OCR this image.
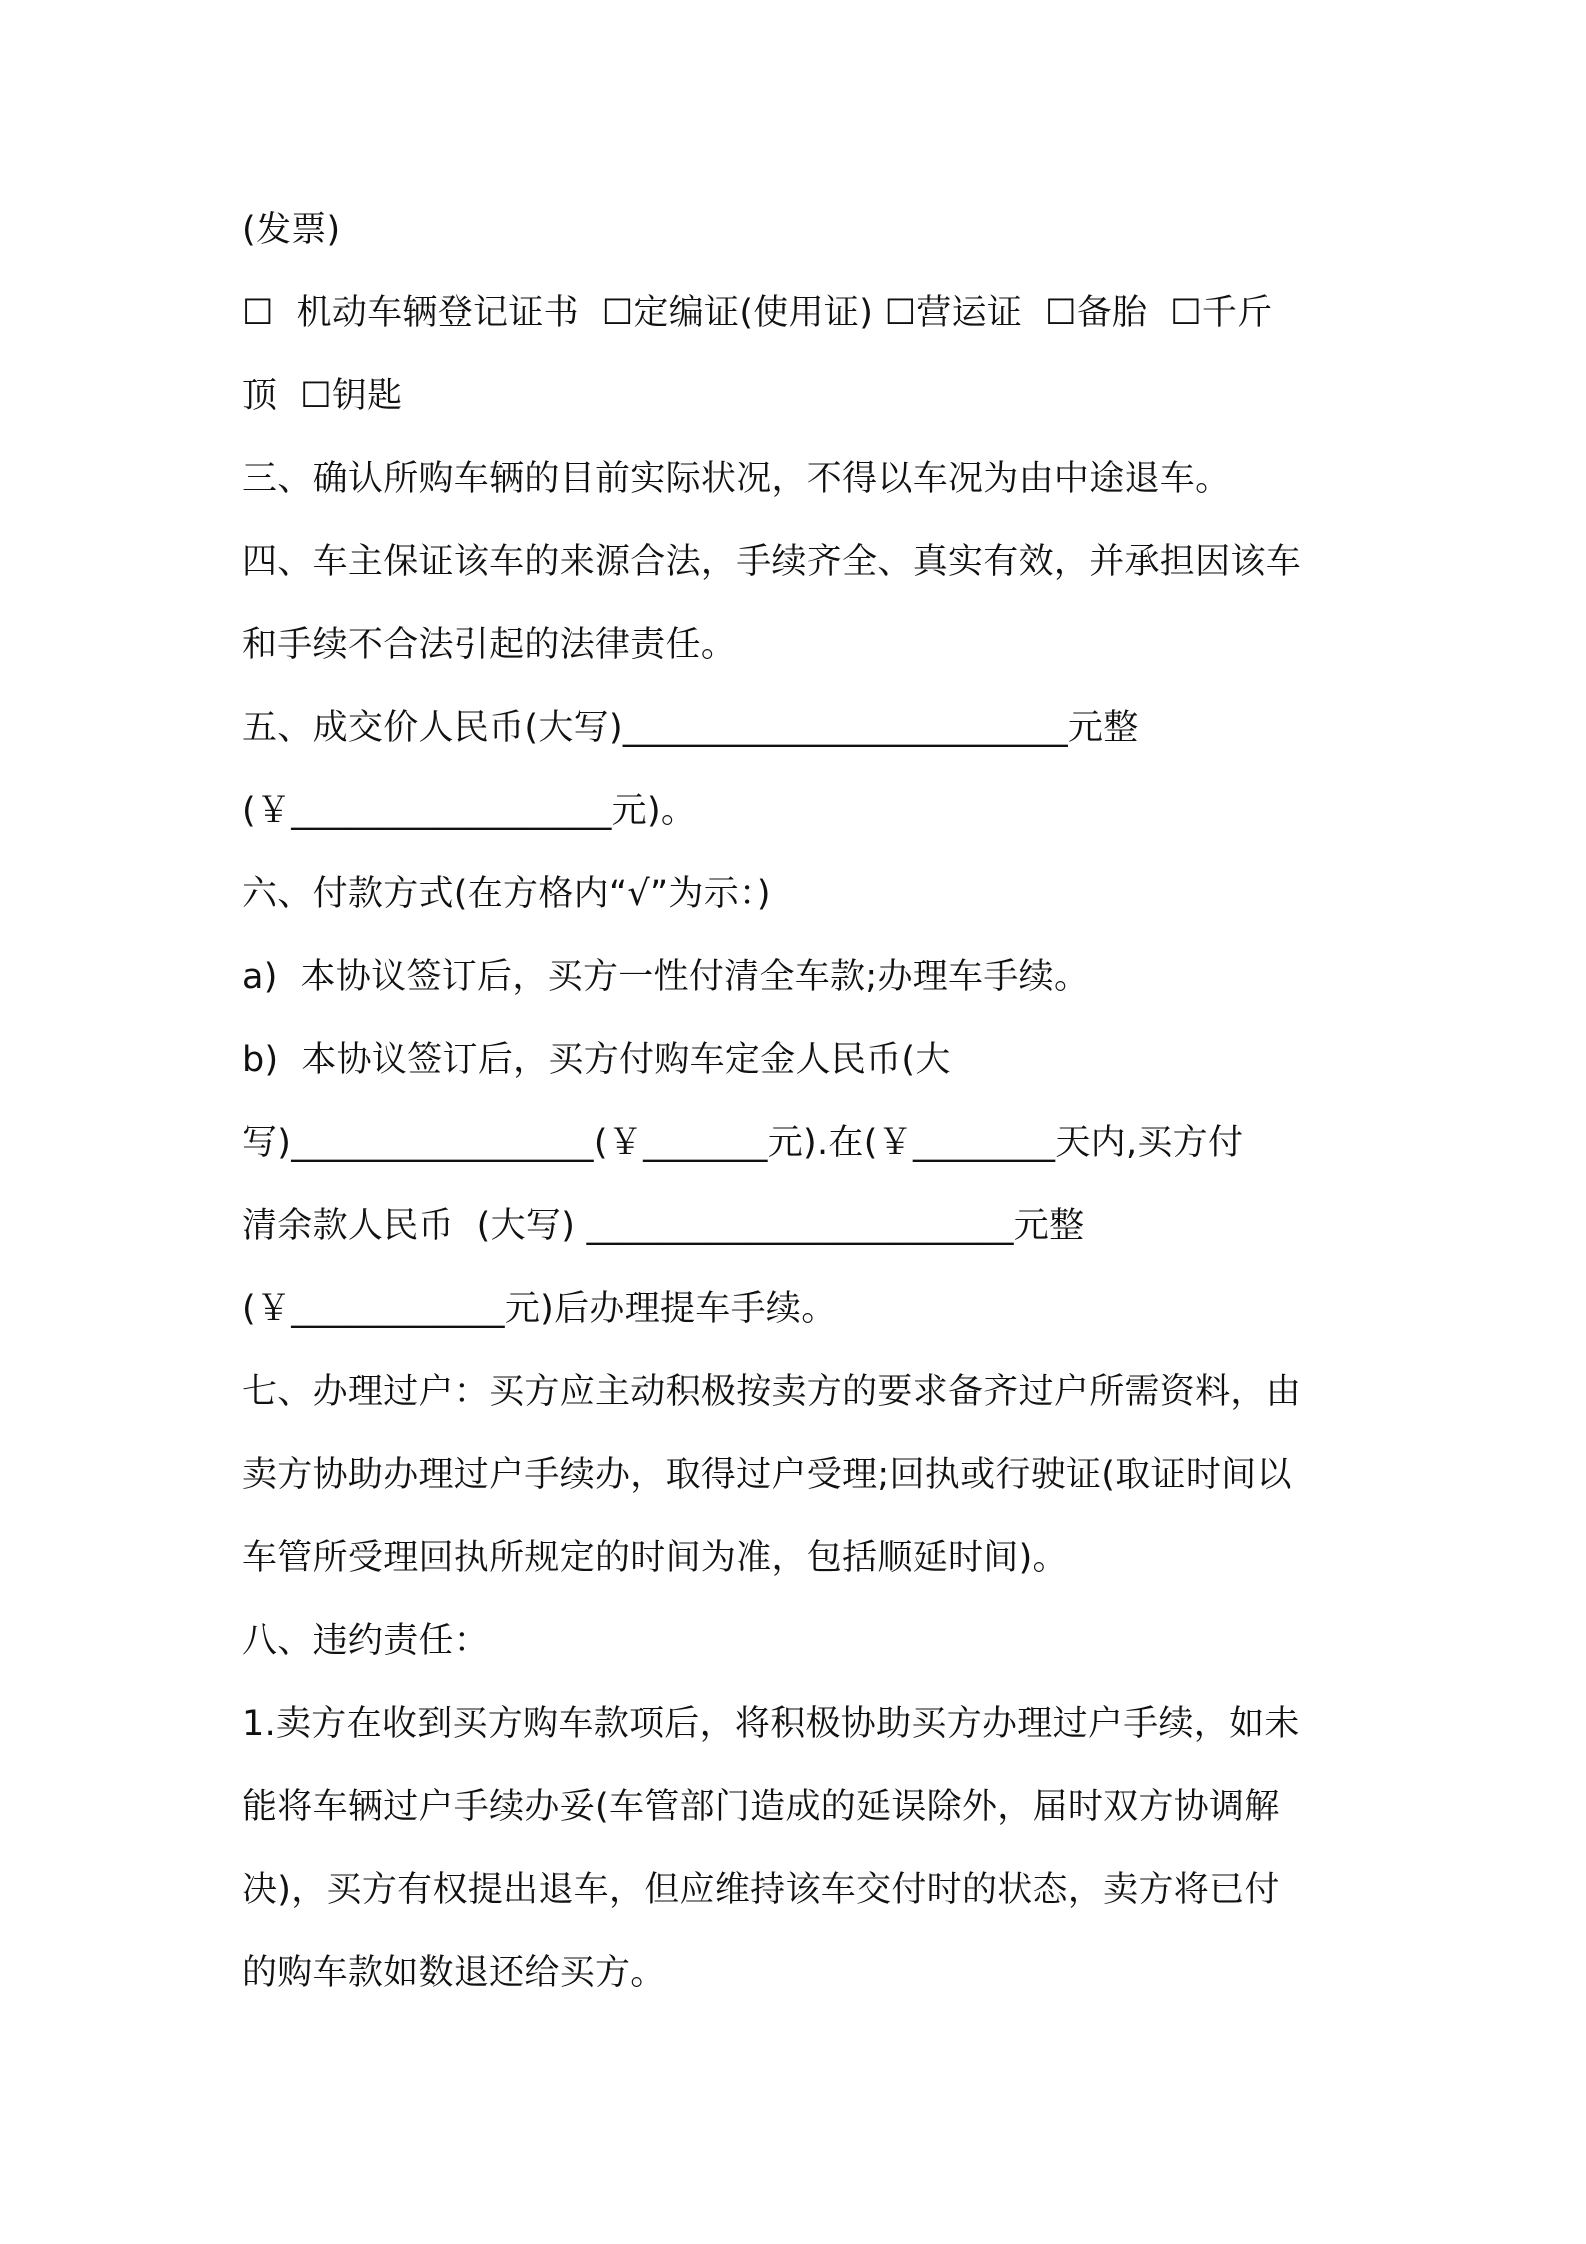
(发票)
☐  机动车辆登记证书  ☐定编证(使用证) ☐营运证  ☐备胎  ☐千斤
顶  ☐钥匙
三、确认所购车辆的目前实际状况，不得以车况为由中途退车。
四、车主保证该车的来源合法，手续齐全、真实有效，并承担因该车
和手续不合法引起的法律责任。
五、成交价人民币(大写)_________________________元整
(￥__________________元)。
六、付款方式(在方格内“√”为示：)
a)  本协议签订后，买方一性付清全车款;办理车手续。
b)  本协议签订后，买方付购车定金人民币(大
写)_________________(￥_______元).在(￥________天内,买方付
清余款人民币  (大写) ________________________元整
(￥____________元)后办理提车手续。
七、办理过户：买方应主动积极按卖方的要求备齐过户所需资料，由
卖方协助办理过户手续办，取得过户受理;回执或行驶证(取证时间以
车管所受理回执所规定的时间为准，包括顺延时间)。
八、违约责任：
1.卖方在收到买方购车款项后，将积极协助买方办理过户手续，如未
能将车辆过户手续办妥(车管部门造成的延误除外，届时双方协调解
决)，买方有权提出退车，但应维持该车交付时的状态，卖方将已付
的购车款如数退还给买方。
